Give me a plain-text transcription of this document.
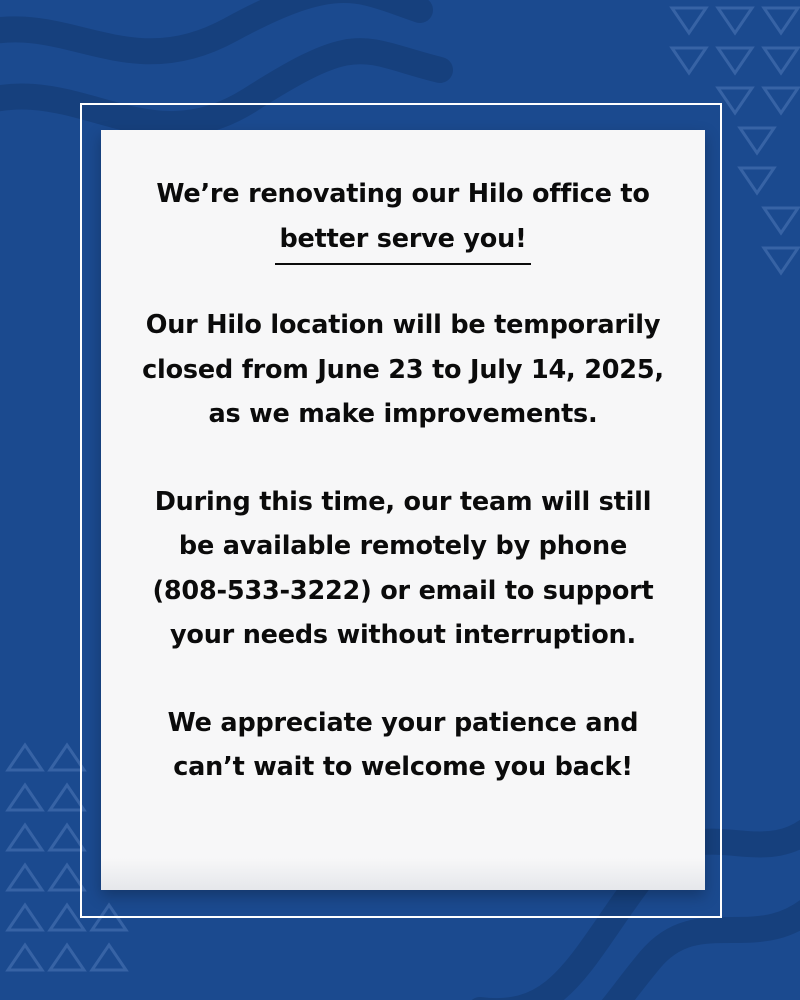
We’re renovating our Hilo office to
better serve you!
Our Hilo location will be temporarily
closed from June 23 to July 14, 2025,
as we make improvements.
During this time, our team will still
be available remotely by phone
(808-533-3222) or email to support
your needs without interruption.
We appreciate your patience and
can’t wait to welcome you back!
